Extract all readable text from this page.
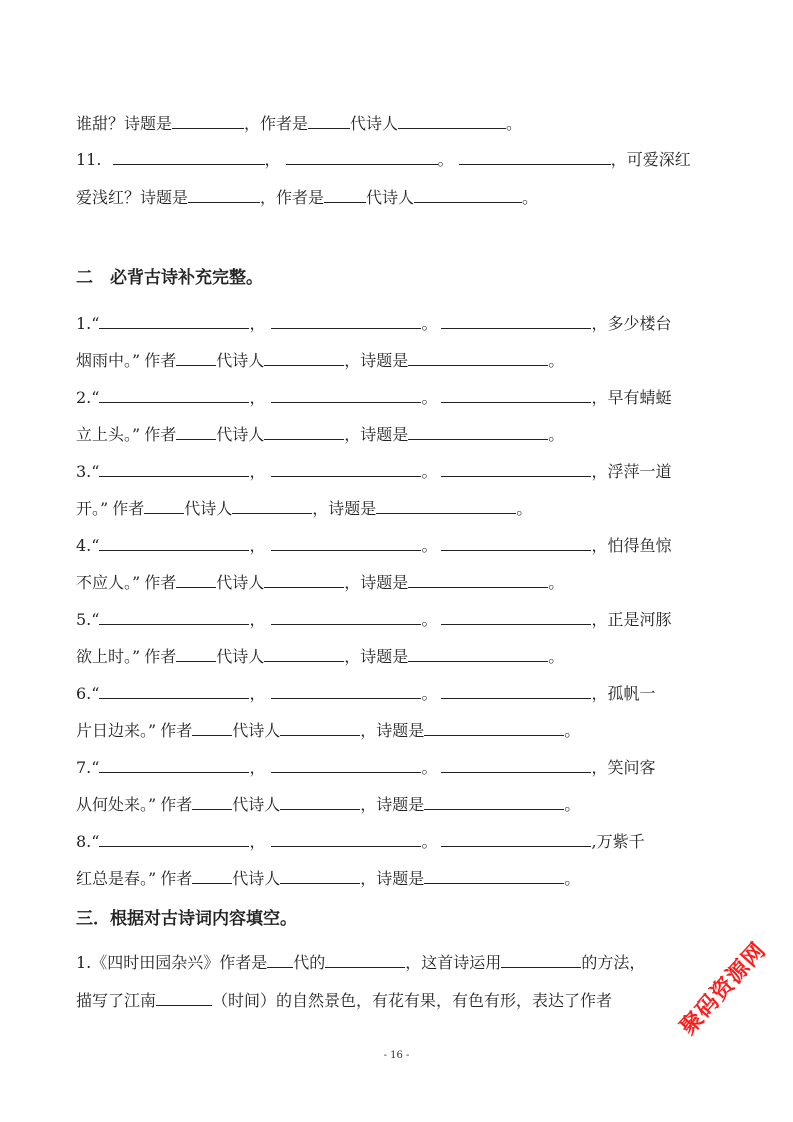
谁甜？诗题是	，作者是	代诗人	。
11.	，	。	，可爱深红
爱浅红？诗题是	，作者是	代诗人	。
二　必背古诗补充完整。
1.“	，	。	，多少楼台
烟雨中。” 作者	代诗人	，诗题是	。
2.“	，	。	，早有蜻蜓
立上头。” 作者	代诗人	，诗题是	。
3.“	，	。	，浮萍一道
开。” 作者	代诗人	，诗题是	。
4.“	，	。	，怕得鱼惊
不应人。” 作者	代诗人	，诗题是	。
5.“	，	。	，正是河豚
欲上时。” 作者	代诗人	，诗题是	。
6.“	，	。	，孤帆一
片日边来。” 作者	代诗人	，诗题是	。
7.“	，	。	，笑问客
从何处来。” 作者	代诗人	，诗题是	。
8.“	，	。	,万紫千
红总是春。” 作者	代诗人	，诗题是	。
三．根据对古诗词内容填空。
1.《四时田园杂兴》作者是 代的	，这首诗运用	的方法，
描写了江南	（时间）的自然景色，有花有果，有色有形，表达了作者
- 16 -
聚码资源网
